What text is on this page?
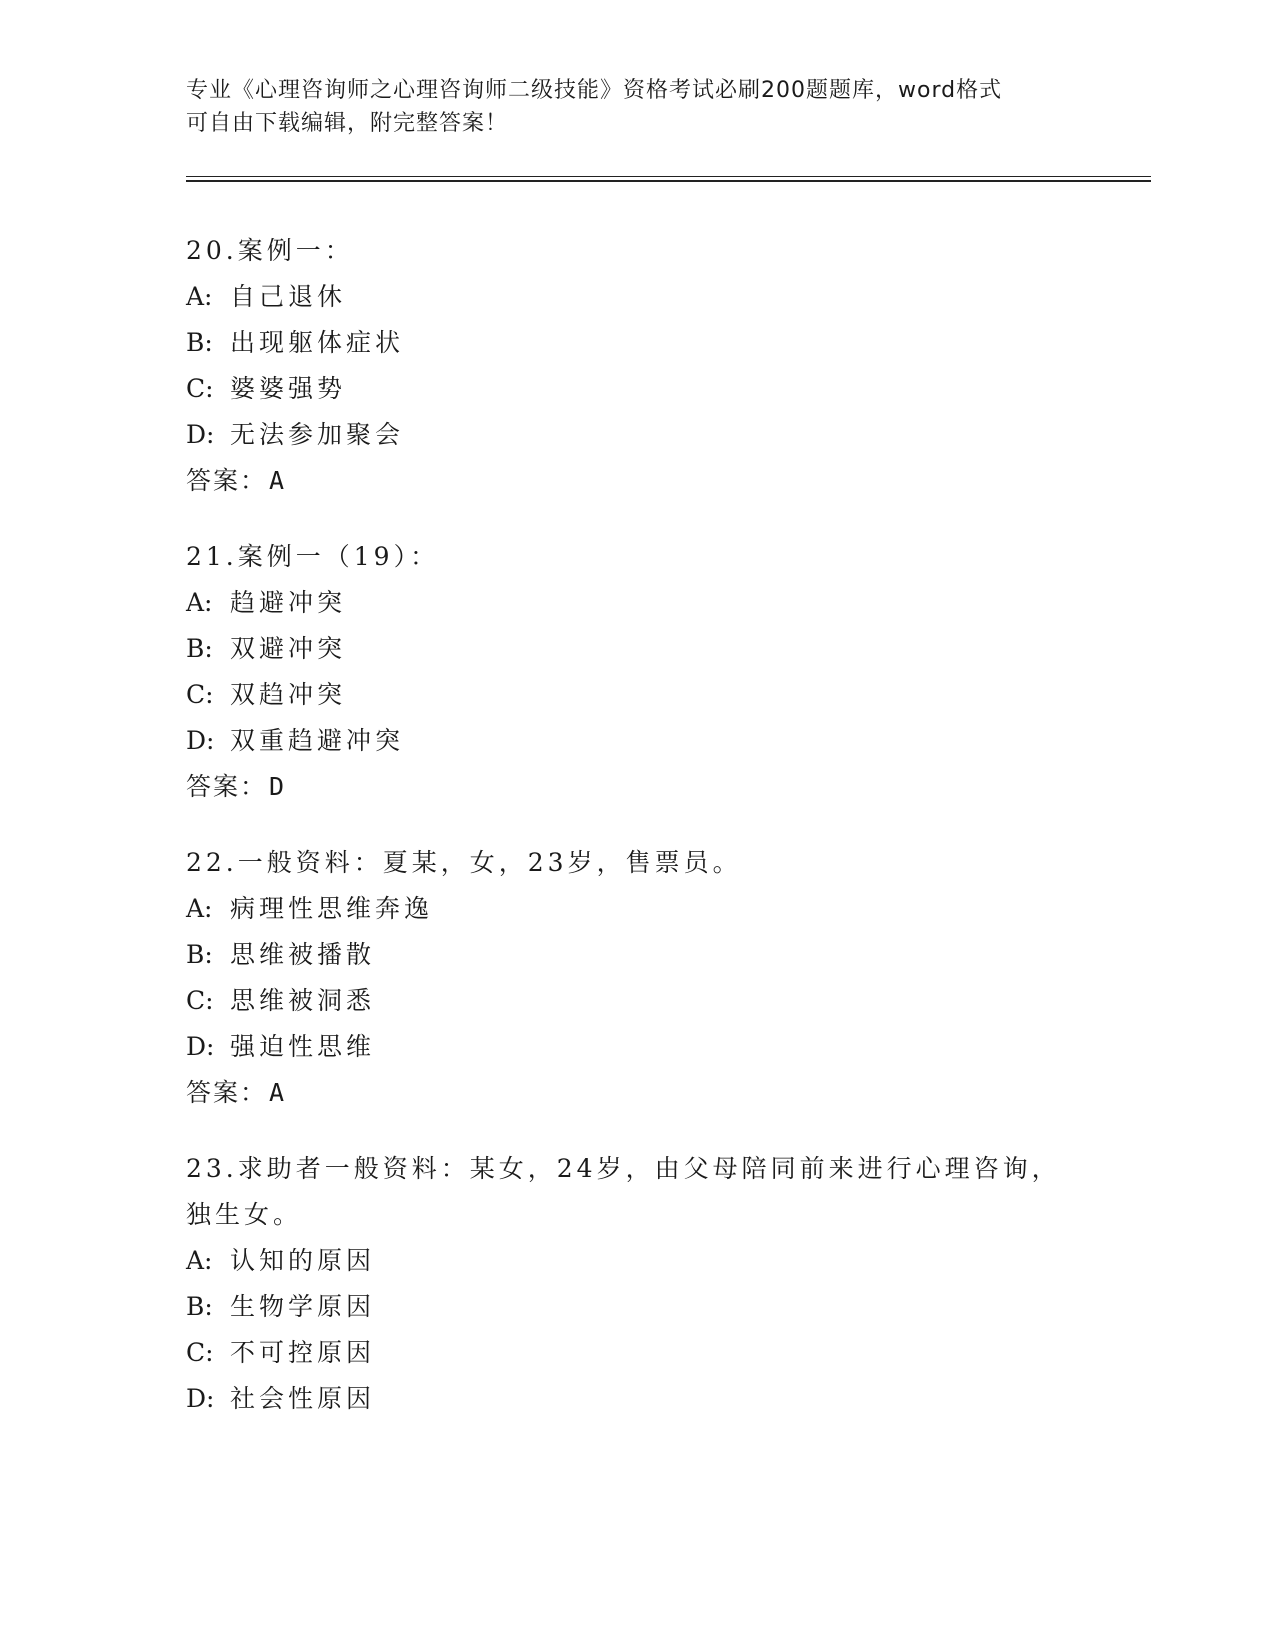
专业《心理咨询师之心理咨询师二级技能》资格考试必刷200题题库，word格式
可自由下载编辑，附完整答案！
20.案例一：
A: 自己退休
B: 出现躯体症状
C: 婆婆强势
D: 无法参加聚会
答案：A
21.案例一（19）：
A: 趋避冲突
B: 双避冲突
C: 双趋冲突
D: 双重趋避冲突
答案：D
22.一般资料：夏某，女，23岁，售票员。
A: 病理性思维奔逸
B: 思维被播散
C: 思维被洞悉
D: 强迫性思维
答案：A
23.求助者一般资料：某女，24岁，由父母陪同前来进行心理咨询，独生女。
A: 认知的原因
B: 生物学原因
C: 不可控原因
D: 社会性原因
